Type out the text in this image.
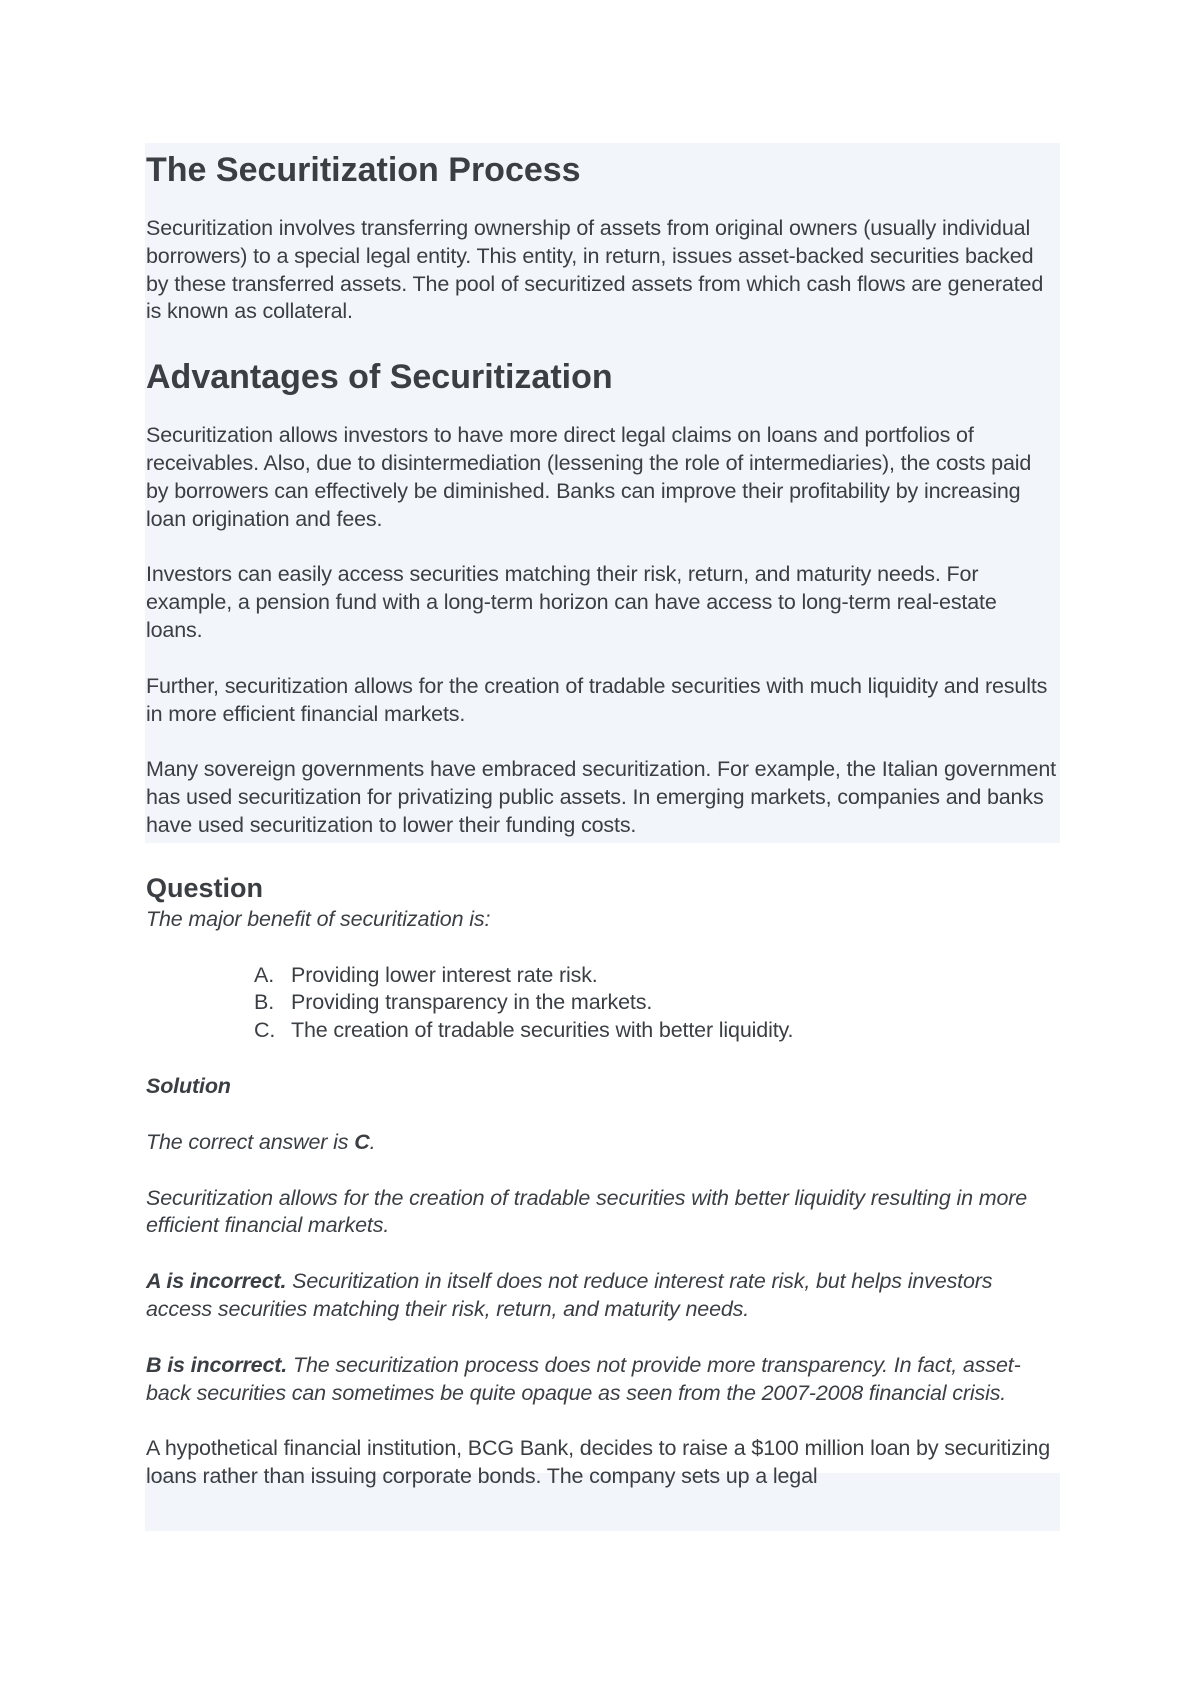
The Securitization Process

Securitization involves transferring ownership of assets from original owners (usually individual borrowers) to a special legal entity. This entity, in return, issues asset-backed securities backed by these transferred assets. The pool of securitized assets from which cash flows are generated is known as collateral.

Advantages of Securitization

Securitization allows investors to have more direct legal claims on loans and portfolios of receivables. Also, due to disintermediation (lessening the role of intermediaries), the costs paid by borrowers can effectively be diminished. Banks can improve their profitability by increasing loan origination and fees.

Investors can easily access securities matching their risk, return, and maturity needs. For example, a pension fund with a long-term horizon can have access to long-term real-estate loans.

Further, securitization allows for the creation of tradable securities with much liquidity and results in more efficient financial markets.

Many sovereign governments have embraced securitization. For example, the Italian government has used securitization for privatizing public assets. In emerging markets, companies and banks have used securitization to lower their funding costs.

Question

The major benefit of securitization is:

A. Providing lower interest rate risk.
B. Providing transparency in the markets.
C. The creation of tradable securities with better liquidity.

Solution

The correct answer is C.

Securitization allows for the creation of tradable securities with better liquidity resulting in more efficient financial markets.

A is incorrect. Securitization in itself does not reduce interest rate risk, but helps investors access securities matching their risk, return, and maturity needs.

B is incorrect. The securitization process does not provide more transparency. In fact, asset-back securities can sometimes be quite opaque as seen from the 2007-2008 financial crisis.

A hypothetical financial institution, BCG Bank, decides to raise a $100 million loan by securitizing loans rather than issuing corporate bonds. The company sets up a legal
